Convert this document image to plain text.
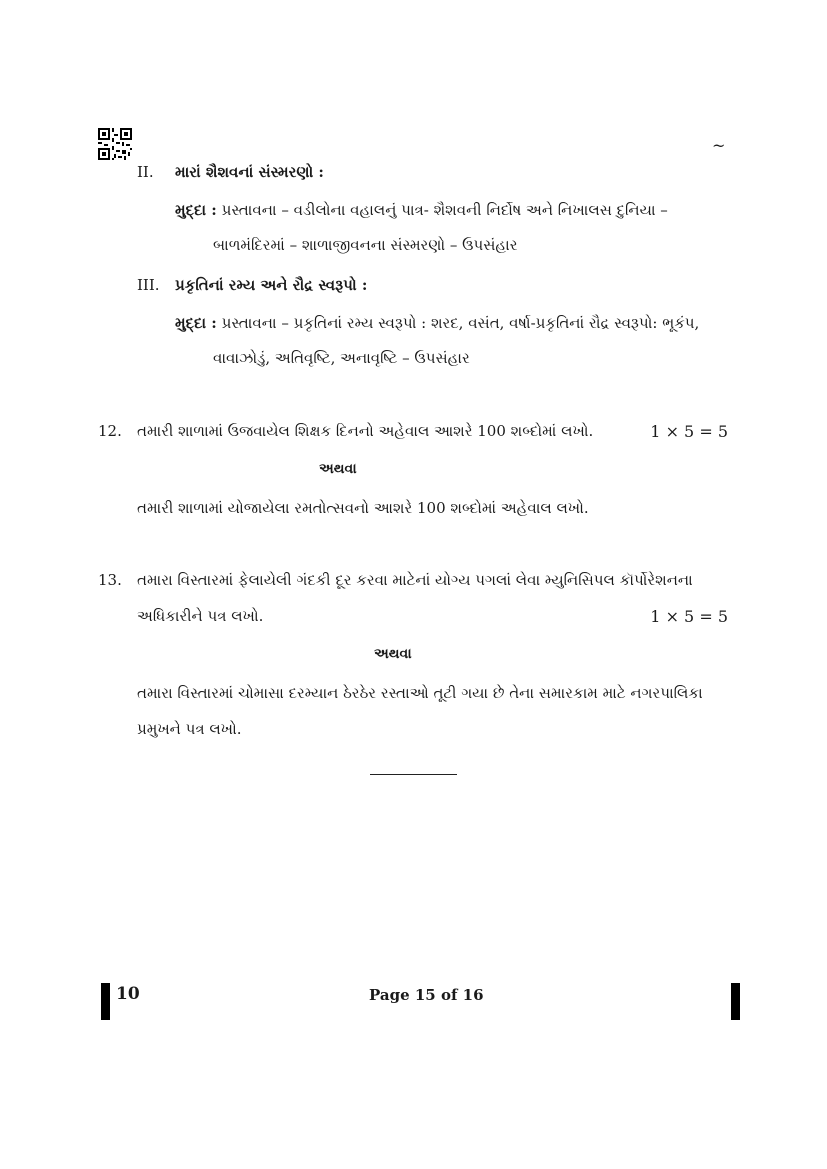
~
II. મારાં શૈશવનાં સંસ્મરણો :
મુદ્દા : પ્રસ્તાવના – વડીલોના વહાલનું પાત્ર- શૈશવની નિર્દોષ અને નિખાલસ દુનિયા –
બાળમંદિરમાં – શાળાજીવનના સંસ્મરણો – ઉપસંહાર
III. પ્રકૃતિનાં રમ્ય અને રૌદ્ર સ્વરૂપો :
મુદ્દા : પ્રસ્તાવના – પ્રકૃતિનાં રમ્ય સ્વરૂપો : શરદ, વસંત, વર્ષા-પ્રકૃતિનાં રૌદ્ર સ્વરૂપો: ભૂકંપ,
વાવાઝોડું, અતિવૃષ્ટિ, અનાવૃષ્ટિ – ઉપસંહાર
12. તમારી શાળામાં ઉજવાયેલ શિક્ષક દિનનો અહેવાલ આશરે 100 શબ્દોમાં લખો.	1 × 5 = 5
અથવા
તમારી શાળામાં યોજાયેલા રમતોત્સવનો આશરે 100 શબ્દોમાં અહેવાલ લખો.
13. તમારા વિસ્તારમાં ફેલાયેલી ગંદકી દૂર કરવા માટેનાં યોગ્ય પગલાં લેવા મ્યુનિસિપલ કૉર્પોરેશનના
અધિકારીને પત્ર લખો.	1 × 5 = 5
અથવા
તમારા વિસ્તારમાં ચોમાસા દરમ્યાન ઠેરઠેર રસ્તાઓ તૂટી ગયા છે તેના સમારકામ માટે નગરપાલિકા
પ્રમુખને પત્ર લખો.
10	Page 15 of 16
